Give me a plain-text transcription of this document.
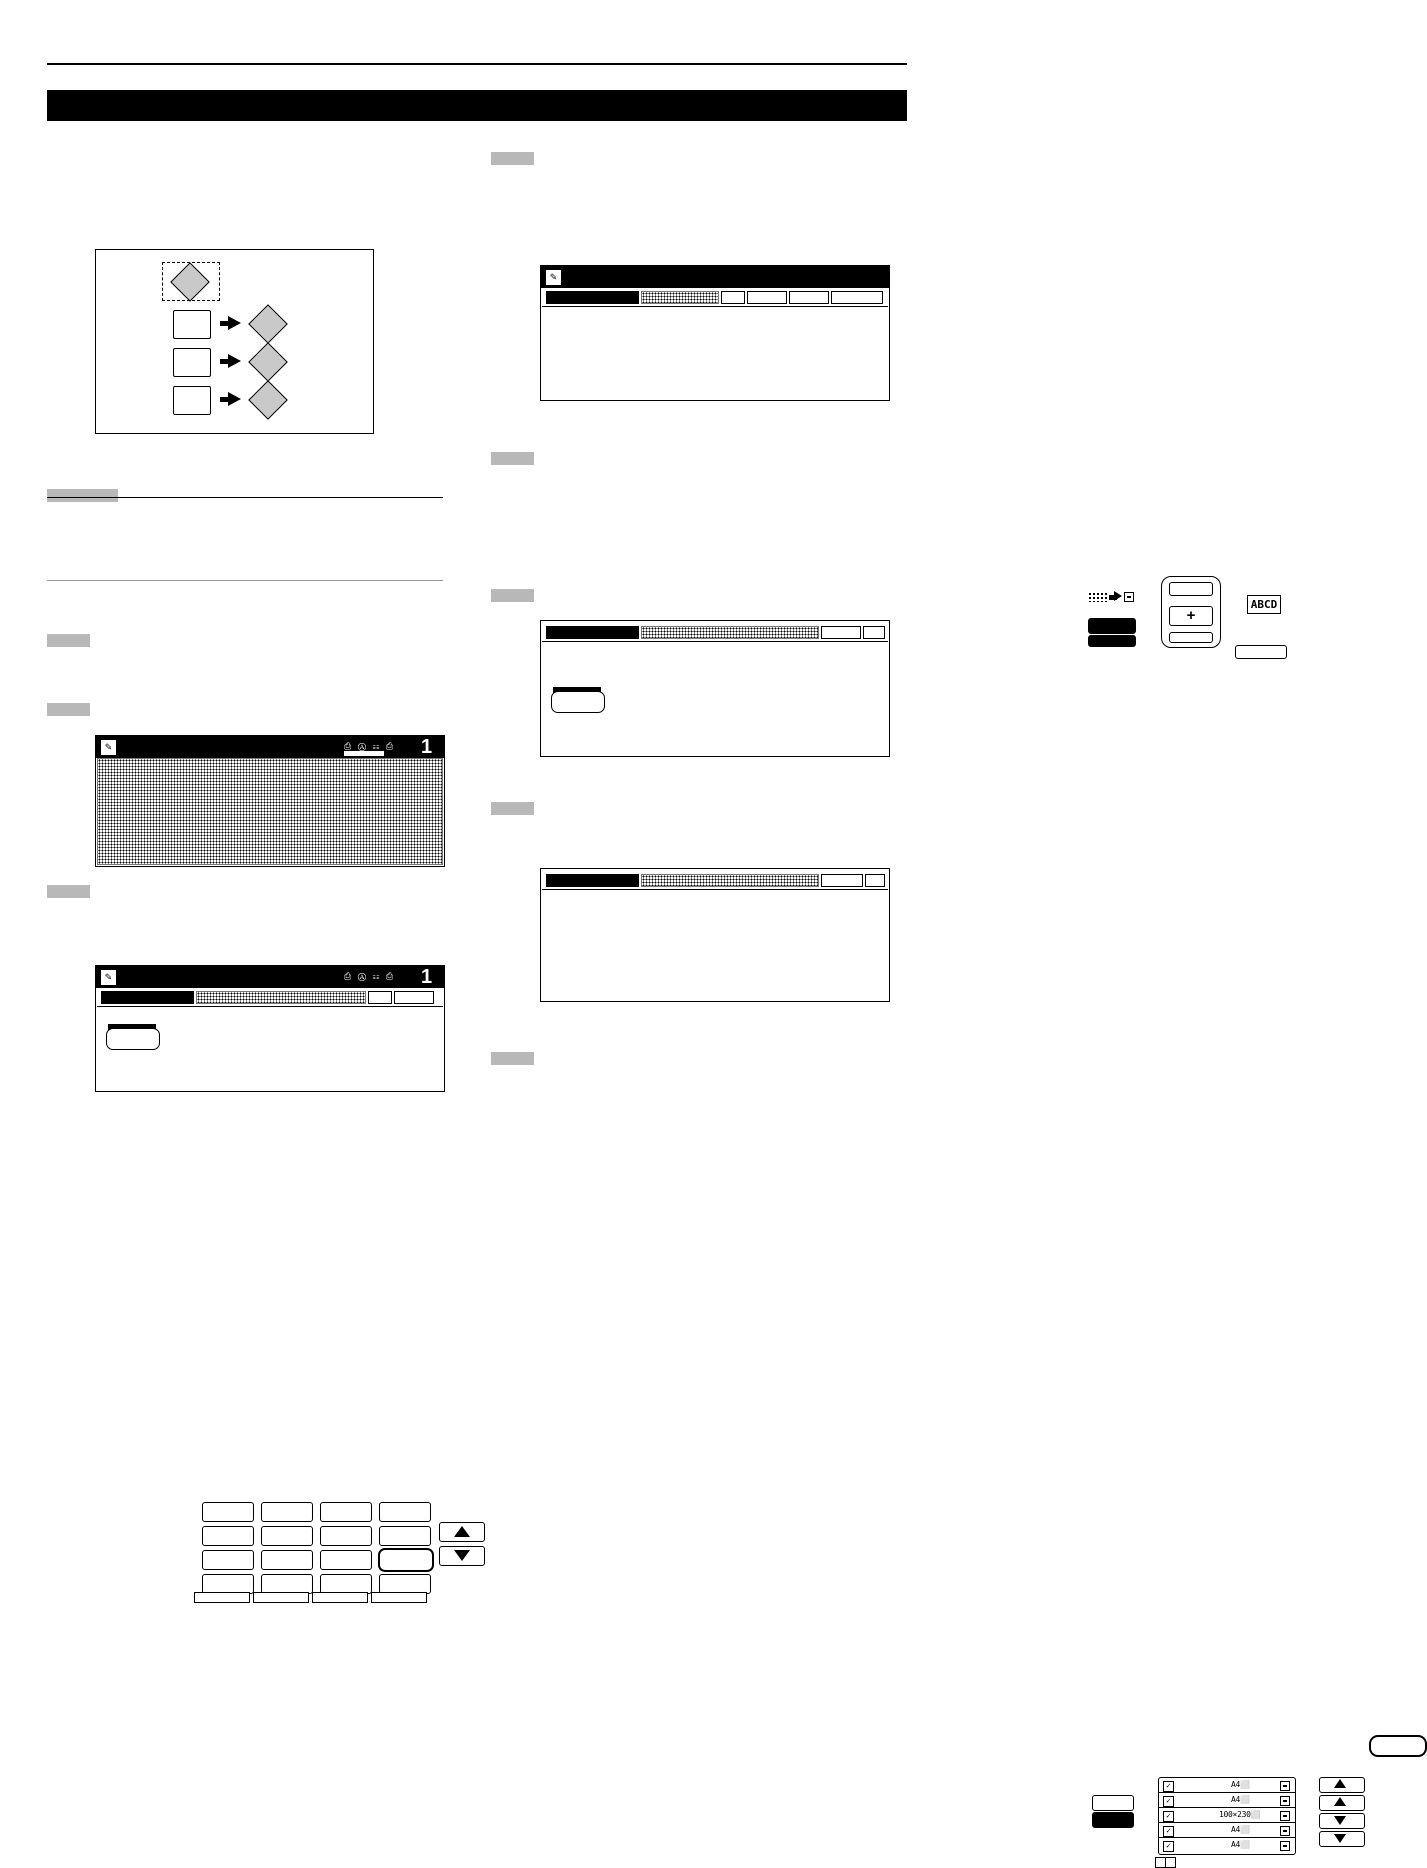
✎	⎙ Ⓐ ☷ ⎙ 1
✎	⎙ Ⓐ ☷ ⎙ 1
✎
+
ABCD
✓	A4⬜
✓	A4⬜
✓	100×230⬜
✓	A4⬜
✓	A4⬜
